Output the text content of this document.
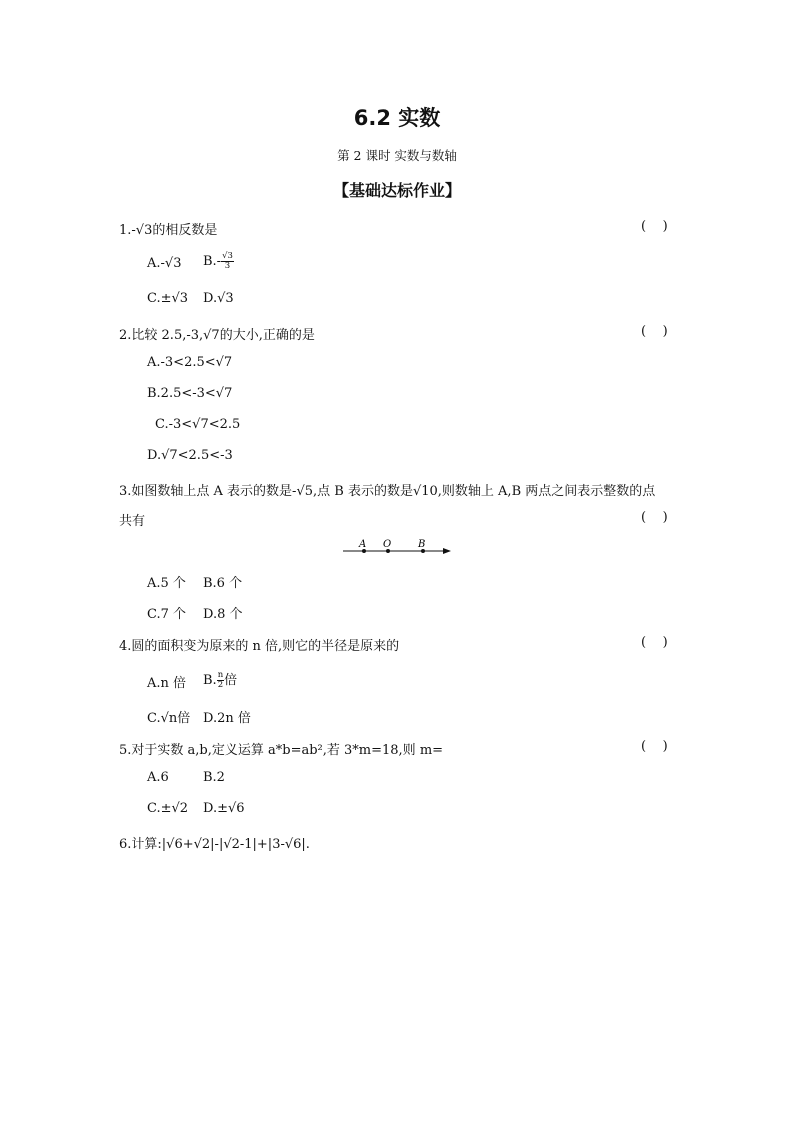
6.2 实数
第 2 课时 实数与数轴
【基础达标作业】
1.-√3的相反数是	(    )
A.-√3 $B.- \frac{√3}{3}$
C.±√3 D.√3
2.比较 2.5,-3,√7的大小,正确的是	(    )
A.-3<2.5<√7
B.2.5<-3<√7
C.-3<√7<2.5
D.√7<2.5<-3
3.如图数轴上点 A 表示的数是-√5,点 B 表示的数是√10,则数轴上 A,B 两点之间表示整数的点
共有	(    )
A O	B
A.5 个 B.6 个
C.7 个 D.8 个
4.圆的面积变为原来的 n 倍,则它的半径是原来的	(    )
A.n 倍 B. $\frac{n}{2}$ 倍
C.√n倍 D.2n 倍
5.对于实数 a,b,定义运算 a*b=ab²,若 3*m=18,则 m=	(    )
A.6	B.2
C.±√2 D.±√6
6.计算:|√6+√2|-|√2-1|+|3-√6|.
